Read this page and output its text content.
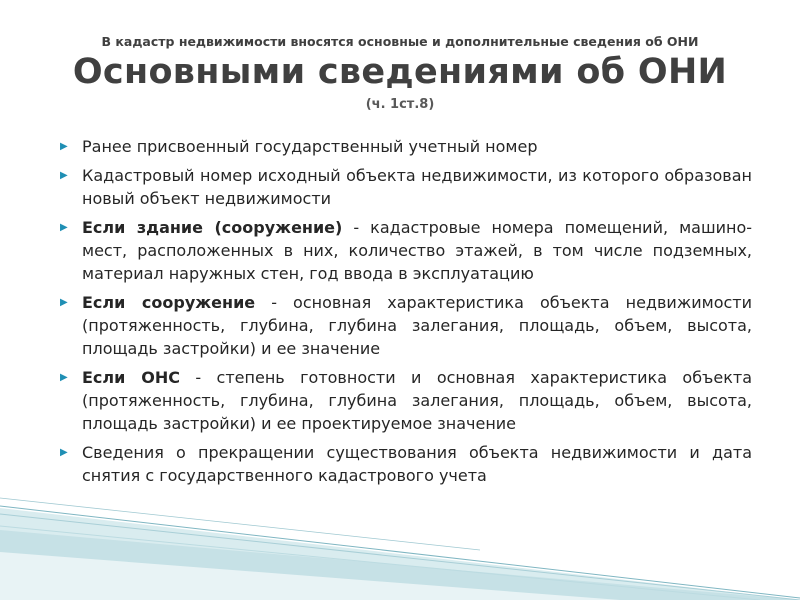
В кадастр недвижимости вносятся основные и дополнительные сведения об ОНИ
Основными сведениями об ОНИ
(ч. 1ст.8)
▶ Ранее присвоенный государственный учетный номер
▶ Кадастровый номер исходный объекта недвижимости, из которого образован новый объект недвижимости
▶ Если здание (сооружение) - кадастровые номера помещений, машино-мест, расположенных в них, количество этажей, в том числе подземных, материал наружных стен, год ввода в эксплуатацию
▶ Если сооружение - основная характеристика объекта недвижимости (протяженность, глубина, глубина залегания, площадь, объем, высота, площадь застройки) и ее значение
▶ Если ОНС - степень готовности и основная характеристика объекта (протяженность, глубина, глубина залегания, площадь, объем, высота, площадь застройки) и ее проектируемое значение
▶ Сведения о прекращении существования объекта недвижимости и дата снятия с государственного кадастрового учета
